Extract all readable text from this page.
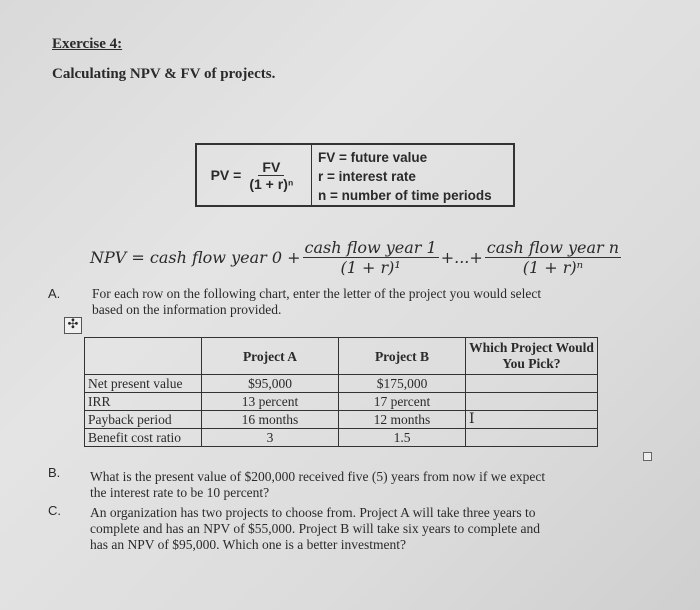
Exercise 4:
Calculating NPV & FV of projects.
PV = $\frac{FV}{\text{(1 + r)ⁿ}}$
FV = future value
r = interest rate
n = number of time periods
NPV = cash flow year $0 + \frac{\text{cash flow year 1}}{\text{(1 + r)¹}}$ +...+ $\frac{\text{cash flow year n}}{\text{(1 + r)ⁿ}}$
A. For each row on the following chart, enter the letter of the project you would select
based on the information provided.
✣
	Project A	Project B	Which Project Would You Pick?
Net present value	$95,000	$175,000	
IRR	13 percent	17 percent	
Payback period	16 months	12 months	I
Benefit cost ratio	3	1.5	
B. What is the present value of $200,000 received five (5) years from now if we expect
the interest rate to be 10 percent?
C. An organization has two projects to choose from. Project A will take three years to
complete and has an NPV of $55,000. Project B will take six years to complete and
has an NPV of $95,000. Which one is a better investment?
